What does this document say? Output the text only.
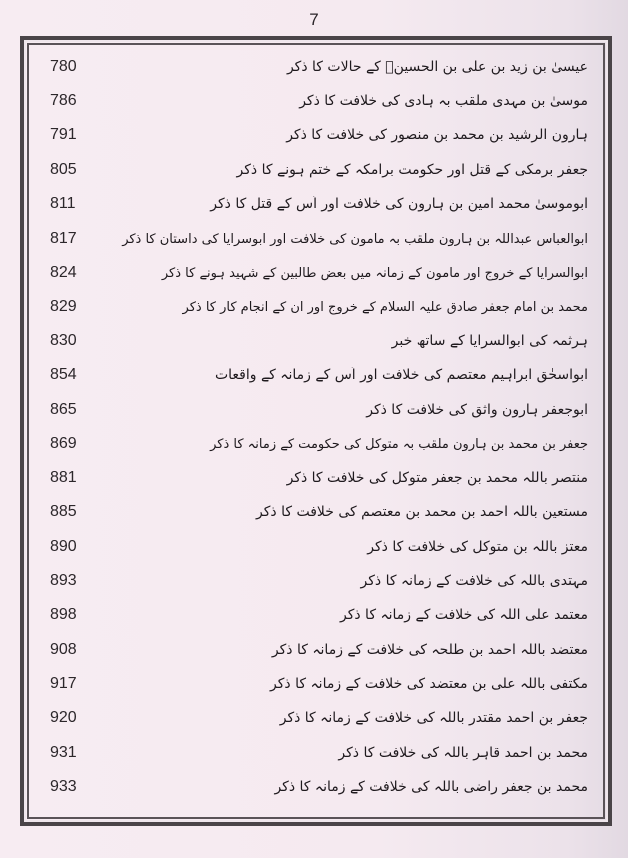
7
780	عیسیٰ بن زید بن علی بن الحسینؓ کے حالات کا ذکر
786	موسیٰ بن مہدی ملقب بہ ہادی کی خلافت کا ذکر
791	ہارون الرشید بن محمد بن منصور کی خلافت کا ذکر
805	جعفر برمکی کے قتل اور حکومت برامکہ کے ختم ہونے کا ذکر
811	ابوموسیٰ محمد امین بن ہارون کی خلافت اور اُس کے قتل کا ذکر
817	ابوالعباس عبداللہ بن ہارون ملقب بہ مامون کی خلافت اور ابوسرایا کی داستان کا ذکر
824	ابوالسرایا کے خروج اور مامون کے زمانہ میں بعض طالبین کے شہید ہونے کا ذکر
829	محمد بن امام جعفر صادق علیہ السلام کے خروج اور ان کے انجام کار کا ذکر
830	ہرثمہ کی ابوالسرایا کے ساتھ خبر
854	ابواسحٰق ابراہیم معتصم کی خلافت اور اُس کے زمانہ کے واقعات
865	ابوجعفر ہارون واثق کی خلافت کا ذکر
869	جعفر بن محمد بن ہارون ملقب بہ متوکل کی حکومت کے زمانہ کا ذکر
881	منتصر باللہ محمد بن جعفر متوکل کی خلافت کا ذکر
885	مستعین باللہ احمد بن محمد بن معتصم کی خلافت کا ذکر
890	معتز باللہ بن متوکل کی خلافت کا ذکر
893	مہتدی باللہ کی خلافت کے زمانہ کا ذکر
898	معتمد علی اللہ کی خلافت کے زمانہ کا ذکر
908	معتضد باللہ احمد بن طلحہ کی خلافت کے زمانہ کا ذکر
917	مکتفی باللہ علی بن معتضد کی خلافت کے زمانہ کا ذکر
920	جعفر بن احمد مقتدر باللہ کی خلافت کے زمانہ کا ذکر
931	محمد بن احمد قاہر باللہ کی خلافت کا ذکر
933	محمد بن جعفر راضی باللہ کی خلافت کے زمانہ کا ذکر
